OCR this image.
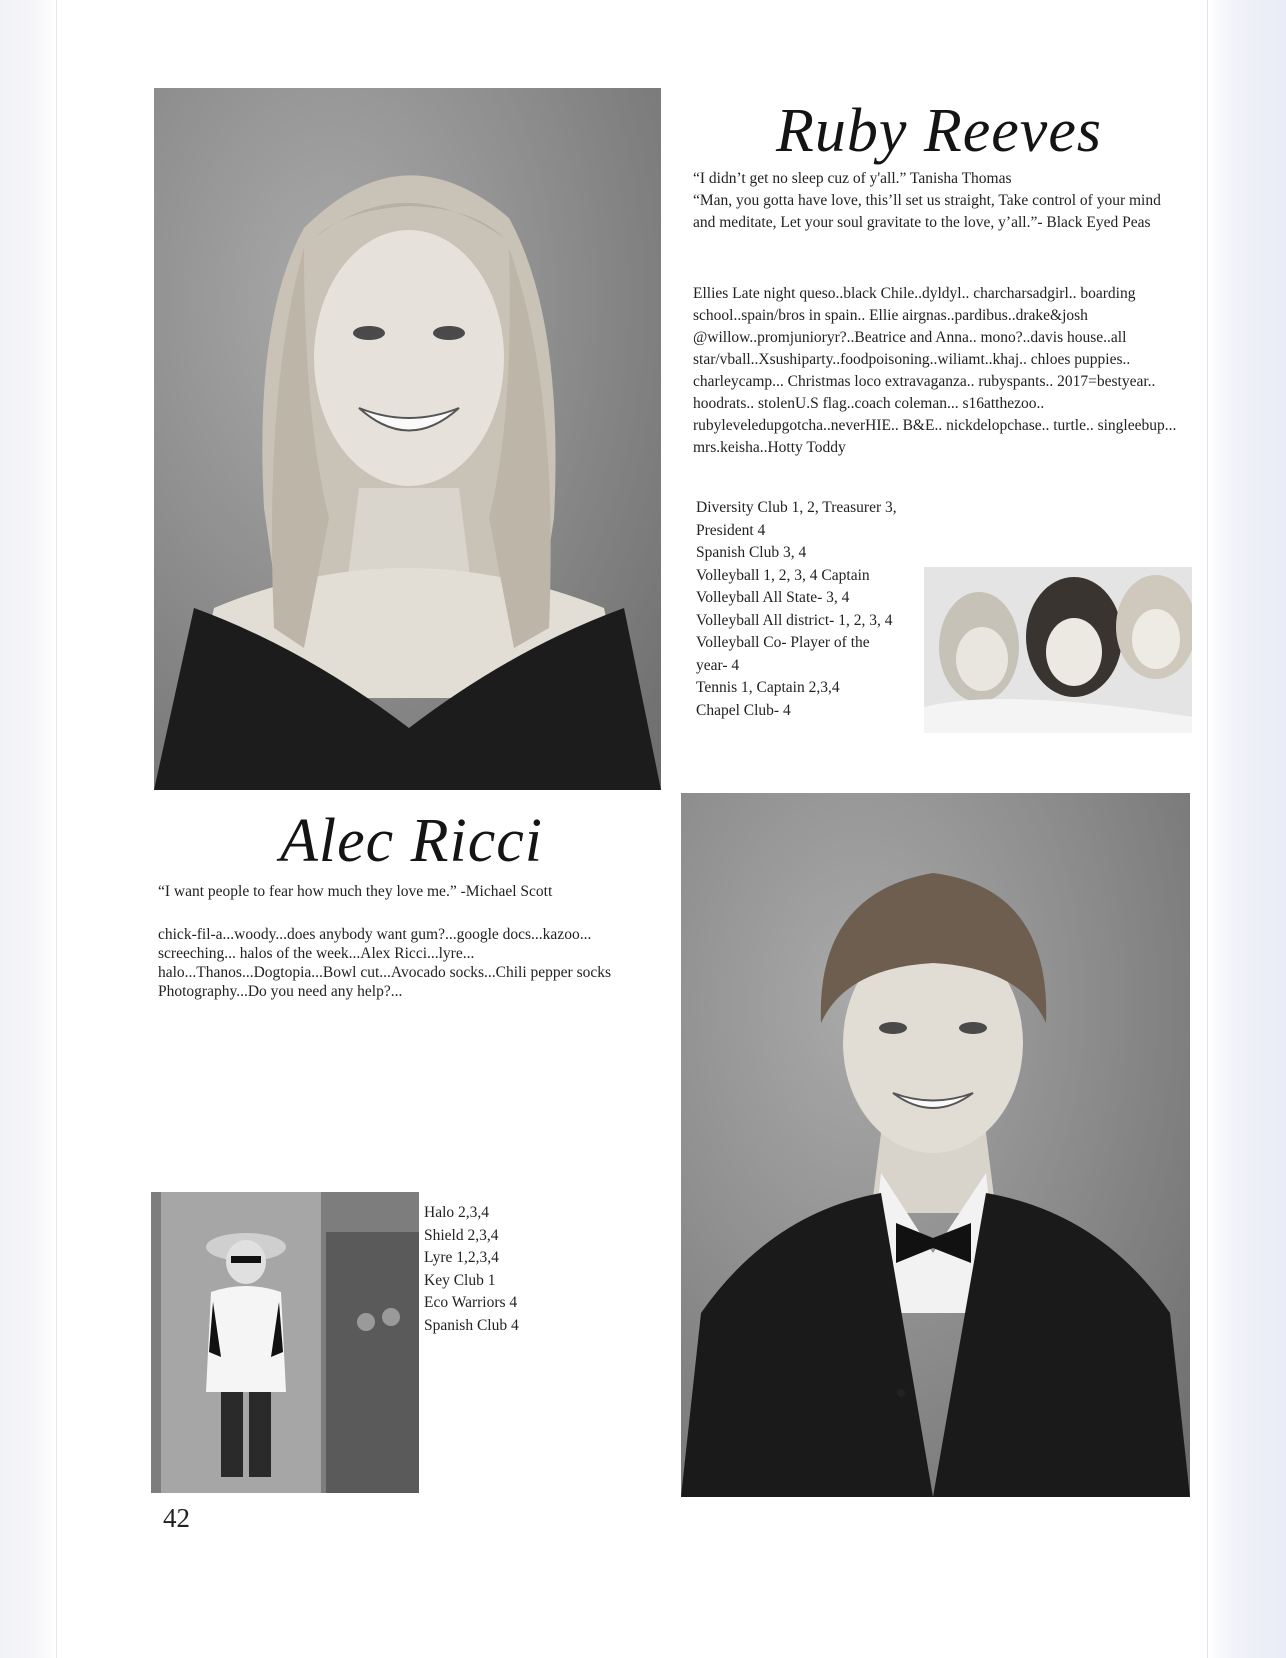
Ruby Reeves

“I didn’t get no sleep cuz of y'all.” Tanisha Thomas

“Man, you gotta have love, this’ll set us straight, Take control of your mind and meditate, Let your soul gravitate to the love, y’all.”- Black Eyed Peas

Ellies Late night queso..black Chile..dyldyl.. charcharsadgirl.. boarding school..spain/bros in spain.. Ellie airgnas..pardibus..drake&josh @willow..promjunioryr?..Beatrice and Anna.. mono?..davis house..all star/vball..Xsushiparty..foodpoisoning..wiliamt..khaj.. chloes puppies.. charleycamp... Christmas loco extravaganza.. rubyspants.. 2017=bestyear.. hoodrats.. stolenU.S flag..coach coleman... s16atthezoo.. rubyleveledupgotcha..neverHIE.. B&E.. nickdelopchase.. turtle.. singleebup... mrs.keisha..Hotty Toddy

Diversity Club 1, 2, Treasurer 3,
President 4
Spanish Club 3, 4
Volleyball 1, 2, 3, 4 Captain
Volleyball All State- 3, 4
Volleyball All district- 1, 2, 3, 4
Volleyball Co- Player of the
year- 4
Tennis 1, Captain 2,3,4
Chapel Club- 4
Alec Ricci

“I want people to fear how much they love me.” -Michael Scott

chick-fil-a...woody...does anybody want gum?...google docs...kazoo... screeching... halos of the week...Alex Ricci...lyre... halo...Thanos...Dogtopia...Bowl cut...Avocado socks...Chili pepper socks Photography...Do you need any help?...

Halo 2,3,4
Shield 2,3,4
Lyre 1,2,3,4
Key Club 1
Eco Warriors 4
Spanish Club 4
42
